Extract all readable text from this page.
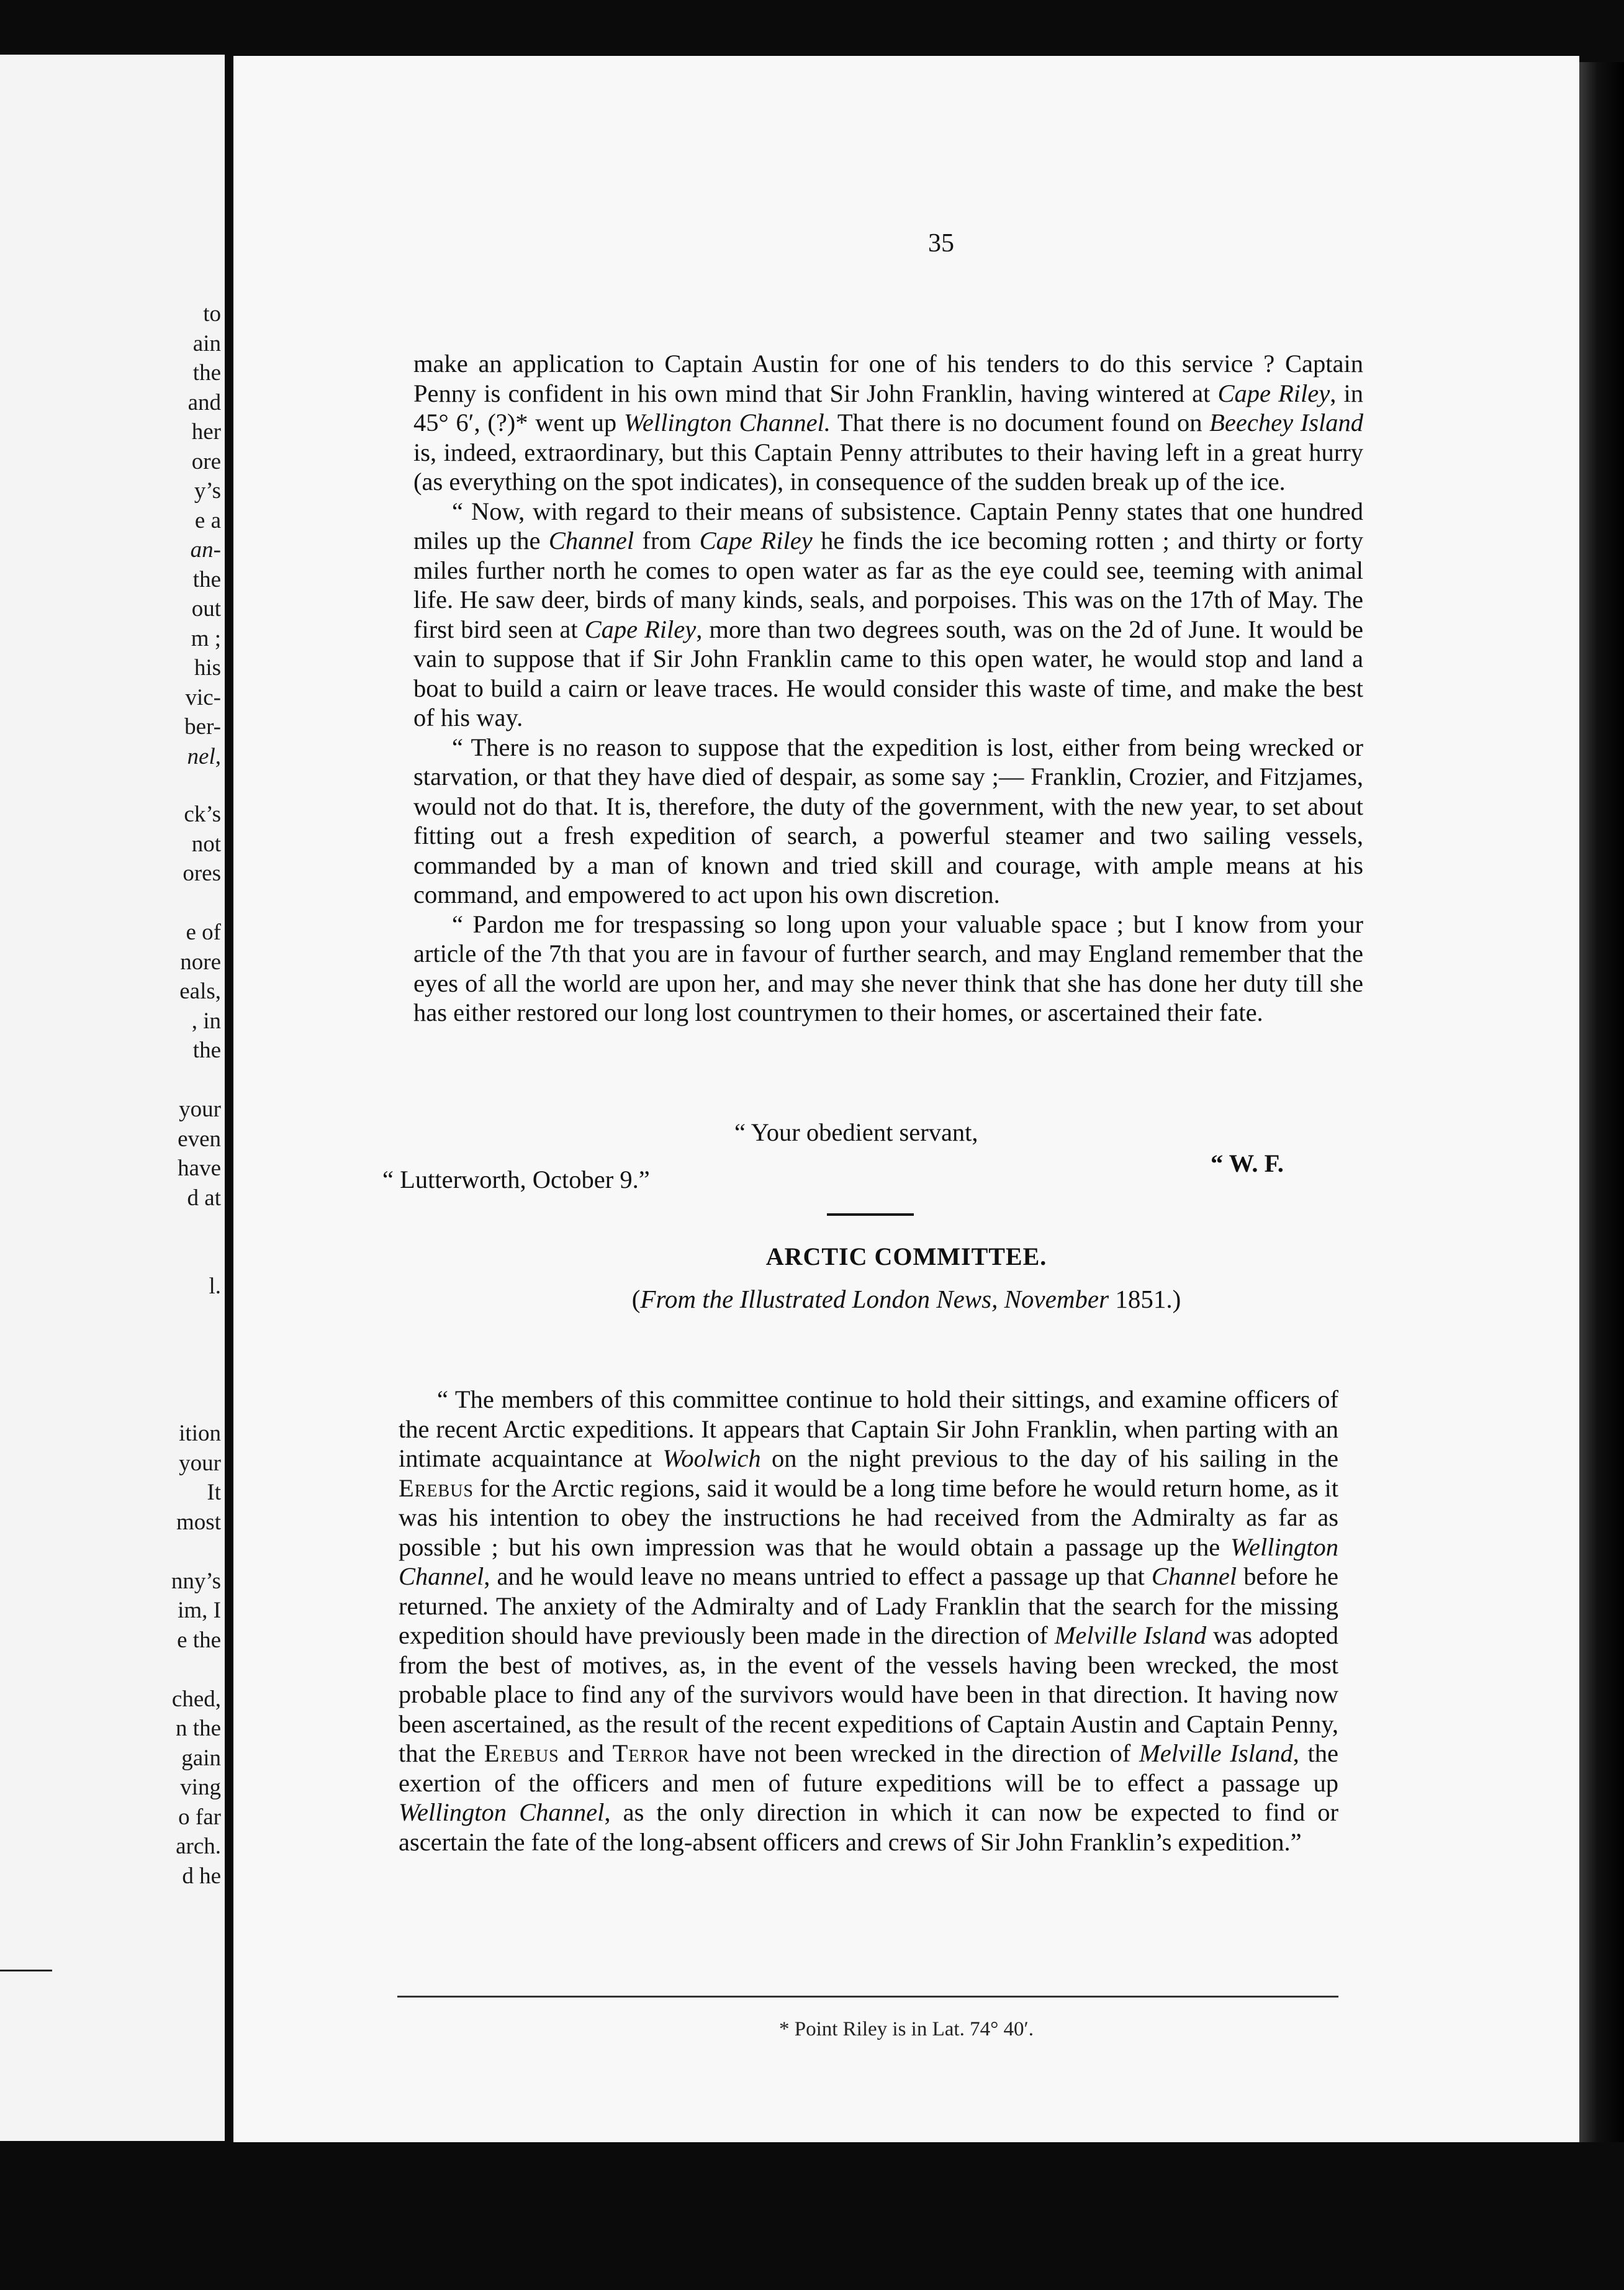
to
ain
the
and
her
ore
y’s
e a
an-
the
out
m ;
his
vic-
ber-
nel,
ck’s
not
ores
e of
nore
eals,
, in
the
your
even
have
d at
l.
ition
your
It
most
nny’s
im, I
e the
ched,
n the
gain
ving
o far
arch.
d he
35

make an application to Captain Austin for one of his tenders to do this service ? Captain Penny is confident in his own mind that Sir John Franklin, having wintered at Cape Riley, in 45° 6′, (?)* went up Wellington Channel. That there is no document found on Beechey Island is, indeed, extraordinary, but this Captain Penny attributes to their having left in a great hurry (as everything on the spot indicates), in consequence of the sudden break up of the ice.

“ Now, with regard to their means of subsistence. Captain Penny states that one hundred miles up the Channel from Cape Riley he finds the ice becoming rotten ; and thirty or forty miles further north he comes to open water as far as the eye could see, teeming with animal life. He saw deer, birds of many kinds, seals, and porpoises. This was on the 17th of May. The first bird seen at Cape Riley, more than two degrees south, was on the 2d of June. It would be vain to suppose that if Sir John Franklin came to this open water, he would stop and land a boat to build a cairn or leave traces. He would consider this waste of time, and make the best of his way.

“ There is no reason to suppose that the expedition is lost, either from being wrecked or starvation, or that they have died of despair, as some say ;— Franklin, Crozier, and Fitzjames, would not do that. It is, therefore, the duty of the government, with the new year, to set about fitting out a fresh expedition of search, a powerful steamer and two sailing vessels, commanded by a man of known and tried skill and courage, with ample means at his command, and empowered to act upon his own discretion.

“ Pardon me for trespassing so long upon your valuable space ; but I know from your article of the 7th that you are in favour of further search, and may England remember that the eyes of all the world are upon her, and may she never think that she has done her duty till she has either restored our long lost countrymen to their homes, or ascertained their fate.

“ Your obedient servant,
“ W. F.
“ Lutterworth, October 9.”
ARCTIC COMMITTEE.
(From the Illustrated London News, November 1851.)

“ The members of this committee continue to hold their sittings, and examine officers of the recent Arctic expeditions. It appears that Captain Sir John Franklin, when parting with an intimate acquaintance at Woolwich on the night previous to the day of his sailing in the Erebus for the Arctic regions, said it would be a long time before he would return home, as it was his intention to obey the instructions he had received from the Admiralty as far as possible ; but his own impression was that he would obtain a passage up the Wellington Channel, and he would leave no means untried to effect a passage up that Channel before he returned. The anxiety of the Admiralty and of Lady Franklin that the search for the missing expedition should have previously been made in the direction of Melville Island was adopted from the best of motives, as, in the event of the vessels having been wrecked, the most probable place to find any of the survivors would have been in that direction. It having now been ascertained, as the result of the recent expeditions of Captain Austin and Captain Penny, that the Erebus and Terror have not been wrecked in the direction of Melville Island, the exertion of the officers and men of future expeditions will be to effect a passage up Wellington Channel, as the only direction in which it can now be expected to find or ascertain the fate of the long-absent officers and crews of Sir John Franklin’s expedition.”

* Point Riley is in Lat. 74° 40′.
